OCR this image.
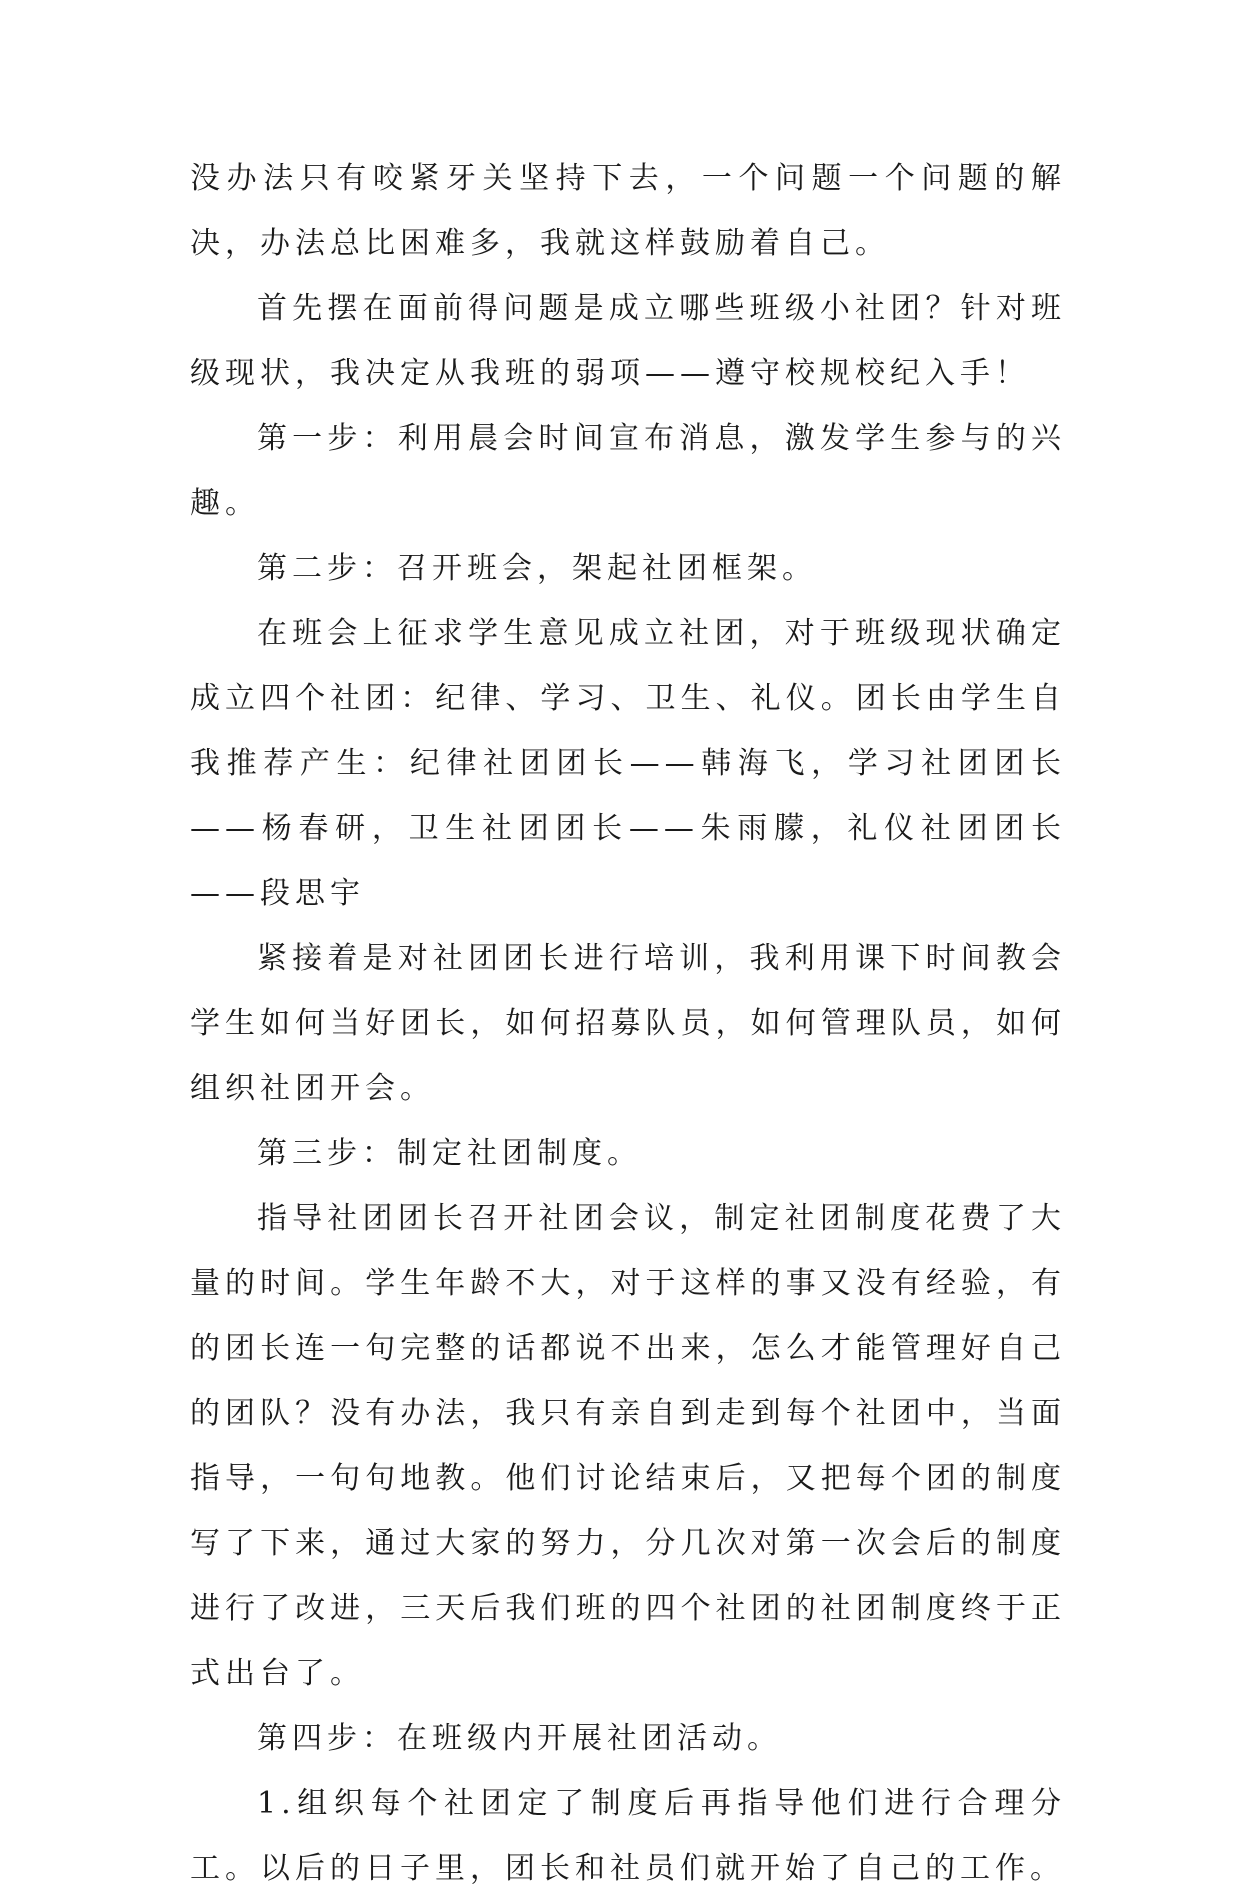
没办法只有咬紧牙关坚持下去，一个问题一个问题的解决，办法总比困难多，我就这样鼓励着自己。

首先摆在面前得问题是成立哪些班级小社团？针对班级现状，我决定从我班的弱项——遵守校规校纪入手！

第一步：利用晨会时间宣布消息，激发学生参与的兴趣。

第二步：召开班会，架起社团框架。

在班会上征求学生意见成立社团，对于班级现状确定成立四个社团：纪律、学习、卫生、礼仪。团长由学生自我推荐产生：纪律社团团长——韩海飞，学习社团团长——杨春研，卫生社团团长——朱雨朦，礼仪社团团长——段思宇

紧接着是对社团团长进行培训，我利用课下时间教会学生如何当好团长，如何招募队员，如何管理队员，如何组织社团开会。

第三步：制定社团制度。

指导社团团长召开社团会议，制定社团制度花费了大量的时间。学生年龄不大，对于这样的事又没有经验，有的团长连一句完整的话都说不出来，怎么才能管理好自己的团队？没有办法，我只有亲自到走到每个社团中，当面指导，一句句地教。他们讨论结束后，又把每个团的制度写了下来，通过大家的努力，分几次对第一次会后的制度进行了改进，三天后我们班的四个社团的社团制度终于正式出台了。

第四步：在班级内开展社团活动。

1.组织每个社团定了制度后再指导他们进行合理分工。以后的日子里，团长和社员们就开始了自己的工作。
